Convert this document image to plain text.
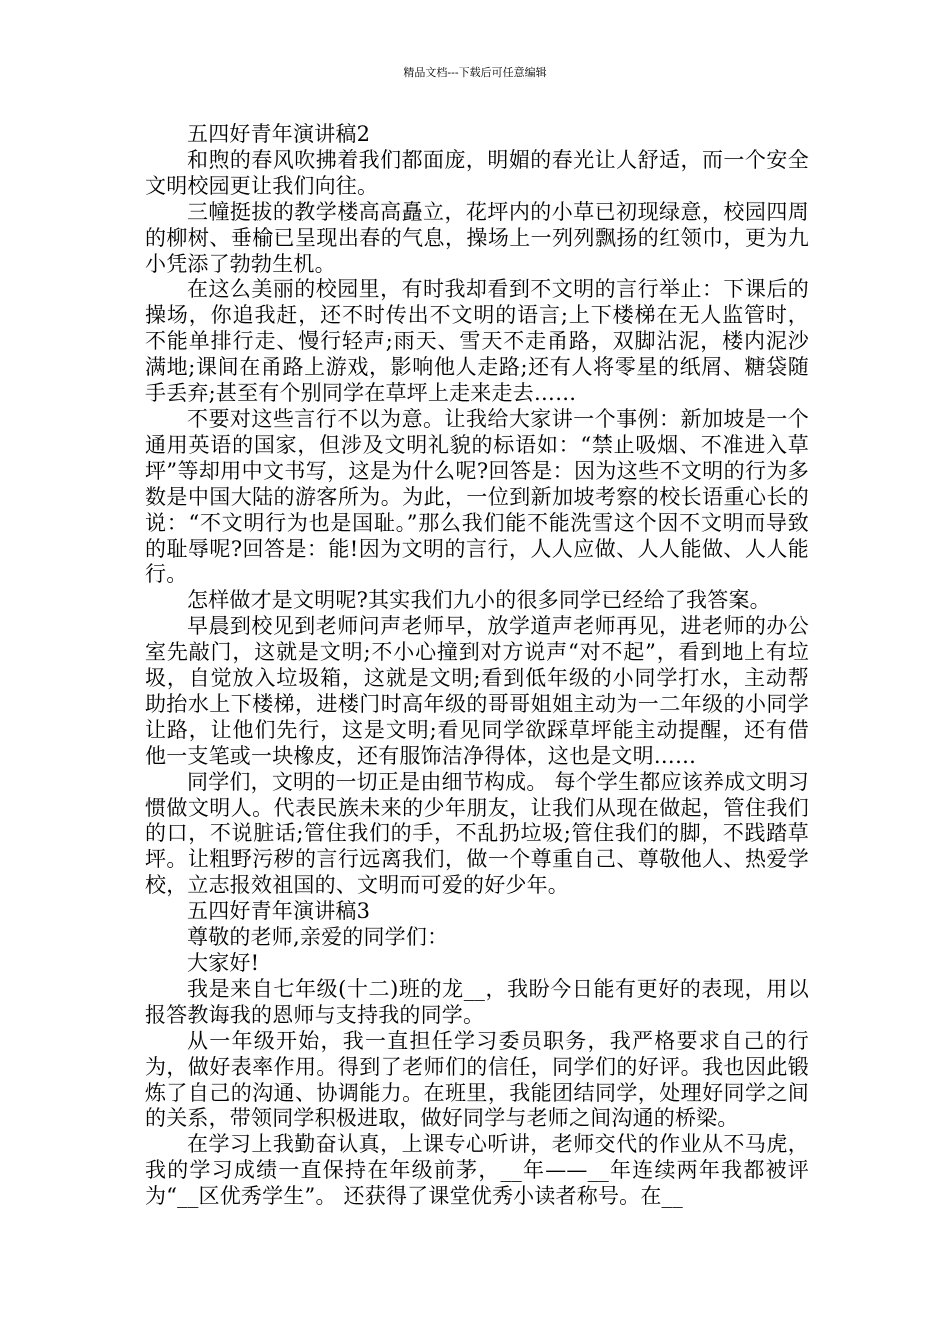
精品文档---下载后可任意编辑

五四好青年演讲稿2

和煦的春风吹拂着我们都面庞，明媚的春光让人舒适，而一个安全文明校园更让我们向往。

三幢挺拔的教学楼高高矗立，花坪内的小草已初现绿意，校园四周的柳树、垂榆已呈现出春的气息，操场上一列列飘扬的红领巾，更为九小凭添了勃勃生机。

在这么美丽的校园里，有时我却看到不文明的言行举止：下课后的操场，你追我赶，还不时传出不文明的语言;上下楼梯在无人监管时，不能单排行走、慢行轻声;雨天、雪天不走甬路，双脚沾泥，楼内泥沙满地;课间在甬路上游戏，影响他人走路;还有人将零星的纸屑、糖袋随手丢弃;甚至有个别同学在草坪上走来走去……

不要对这些言行不以为意。让我给大家讲一个事例：新加坡是一个通用英语的国家，但涉及文明礼貌的标语如：“禁止吸烟、不准进入草坪”等却用中文书写，这是为什么呢?回答是：因为这些不文明的行为多数是中国大陆的游客所为。为此，一位到新加坡考察的校长语重心长的说：“不文明行为也是国耻。”那么我们能不能洗雪这个因不文明而导致的耻辱呢?回答是：能!因为文明的言行，人人应做、人人能做、人人能行。

怎样做才是文明呢?其实我们九小的很多同学已经给了我答案。

早晨到校见到老师问声老师早，放学道声老师再见，进老师的办公室先敲门，这就是文明;不小心撞到对方说声“对不起”，看到地上有垃圾，自觉放入垃圾箱，这就是文明;看到低年级的小同学打水，主动帮助抬水上下楼梯，进楼门时高年级的哥哥姐姐主动为一二年级的小同学让路，让他们先行，这是文明;看见同学欲踩草坪能主动提醒，还有借他一支笔或一块橡皮，还有服饰洁净得体，这也是文明……

同学们，文明的一切正是由细节构成。 每个学生都应该养成文明习惯做文明人。代表民族未来的少年朋友，让我们从现在做起，管住我们的口，不说脏话;管住我们的手，不乱扔垃圾;管住我们的脚，不践踏草坪。让粗野污秽的言行远离我们，做一个尊重自己、尊敬他人、热爱学校，立志报效祖国的、文明而可爱的好少年。

五四好青年演讲稿3

尊敬的老师,亲爱的同学们：

大家好!

我是来自七年级(十二)班的龙__，我盼今日能有更好的表现，用以报答教诲我的恩师与支持我的同学。

从一年级开始，我一直担任学习委员职务，我严格要求自己的行为，做好表率作用。得到了老师们的信任，同学们的好评。我也因此锻炼了自己的沟通、协调能力。在班里，我能团结同学，处理好同学之间的关系，带领同学积极进取，做好同学与老师之间沟通的桥梁。

在学习上我勤奋认真，上课专心听讲，老师交代的作业从不马虎，我的学习成绩一直保持在年级前茅，__年——__年连续两年我都被评为“__区优秀学生”。 还获得了课堂优秀小读者称号。在__
